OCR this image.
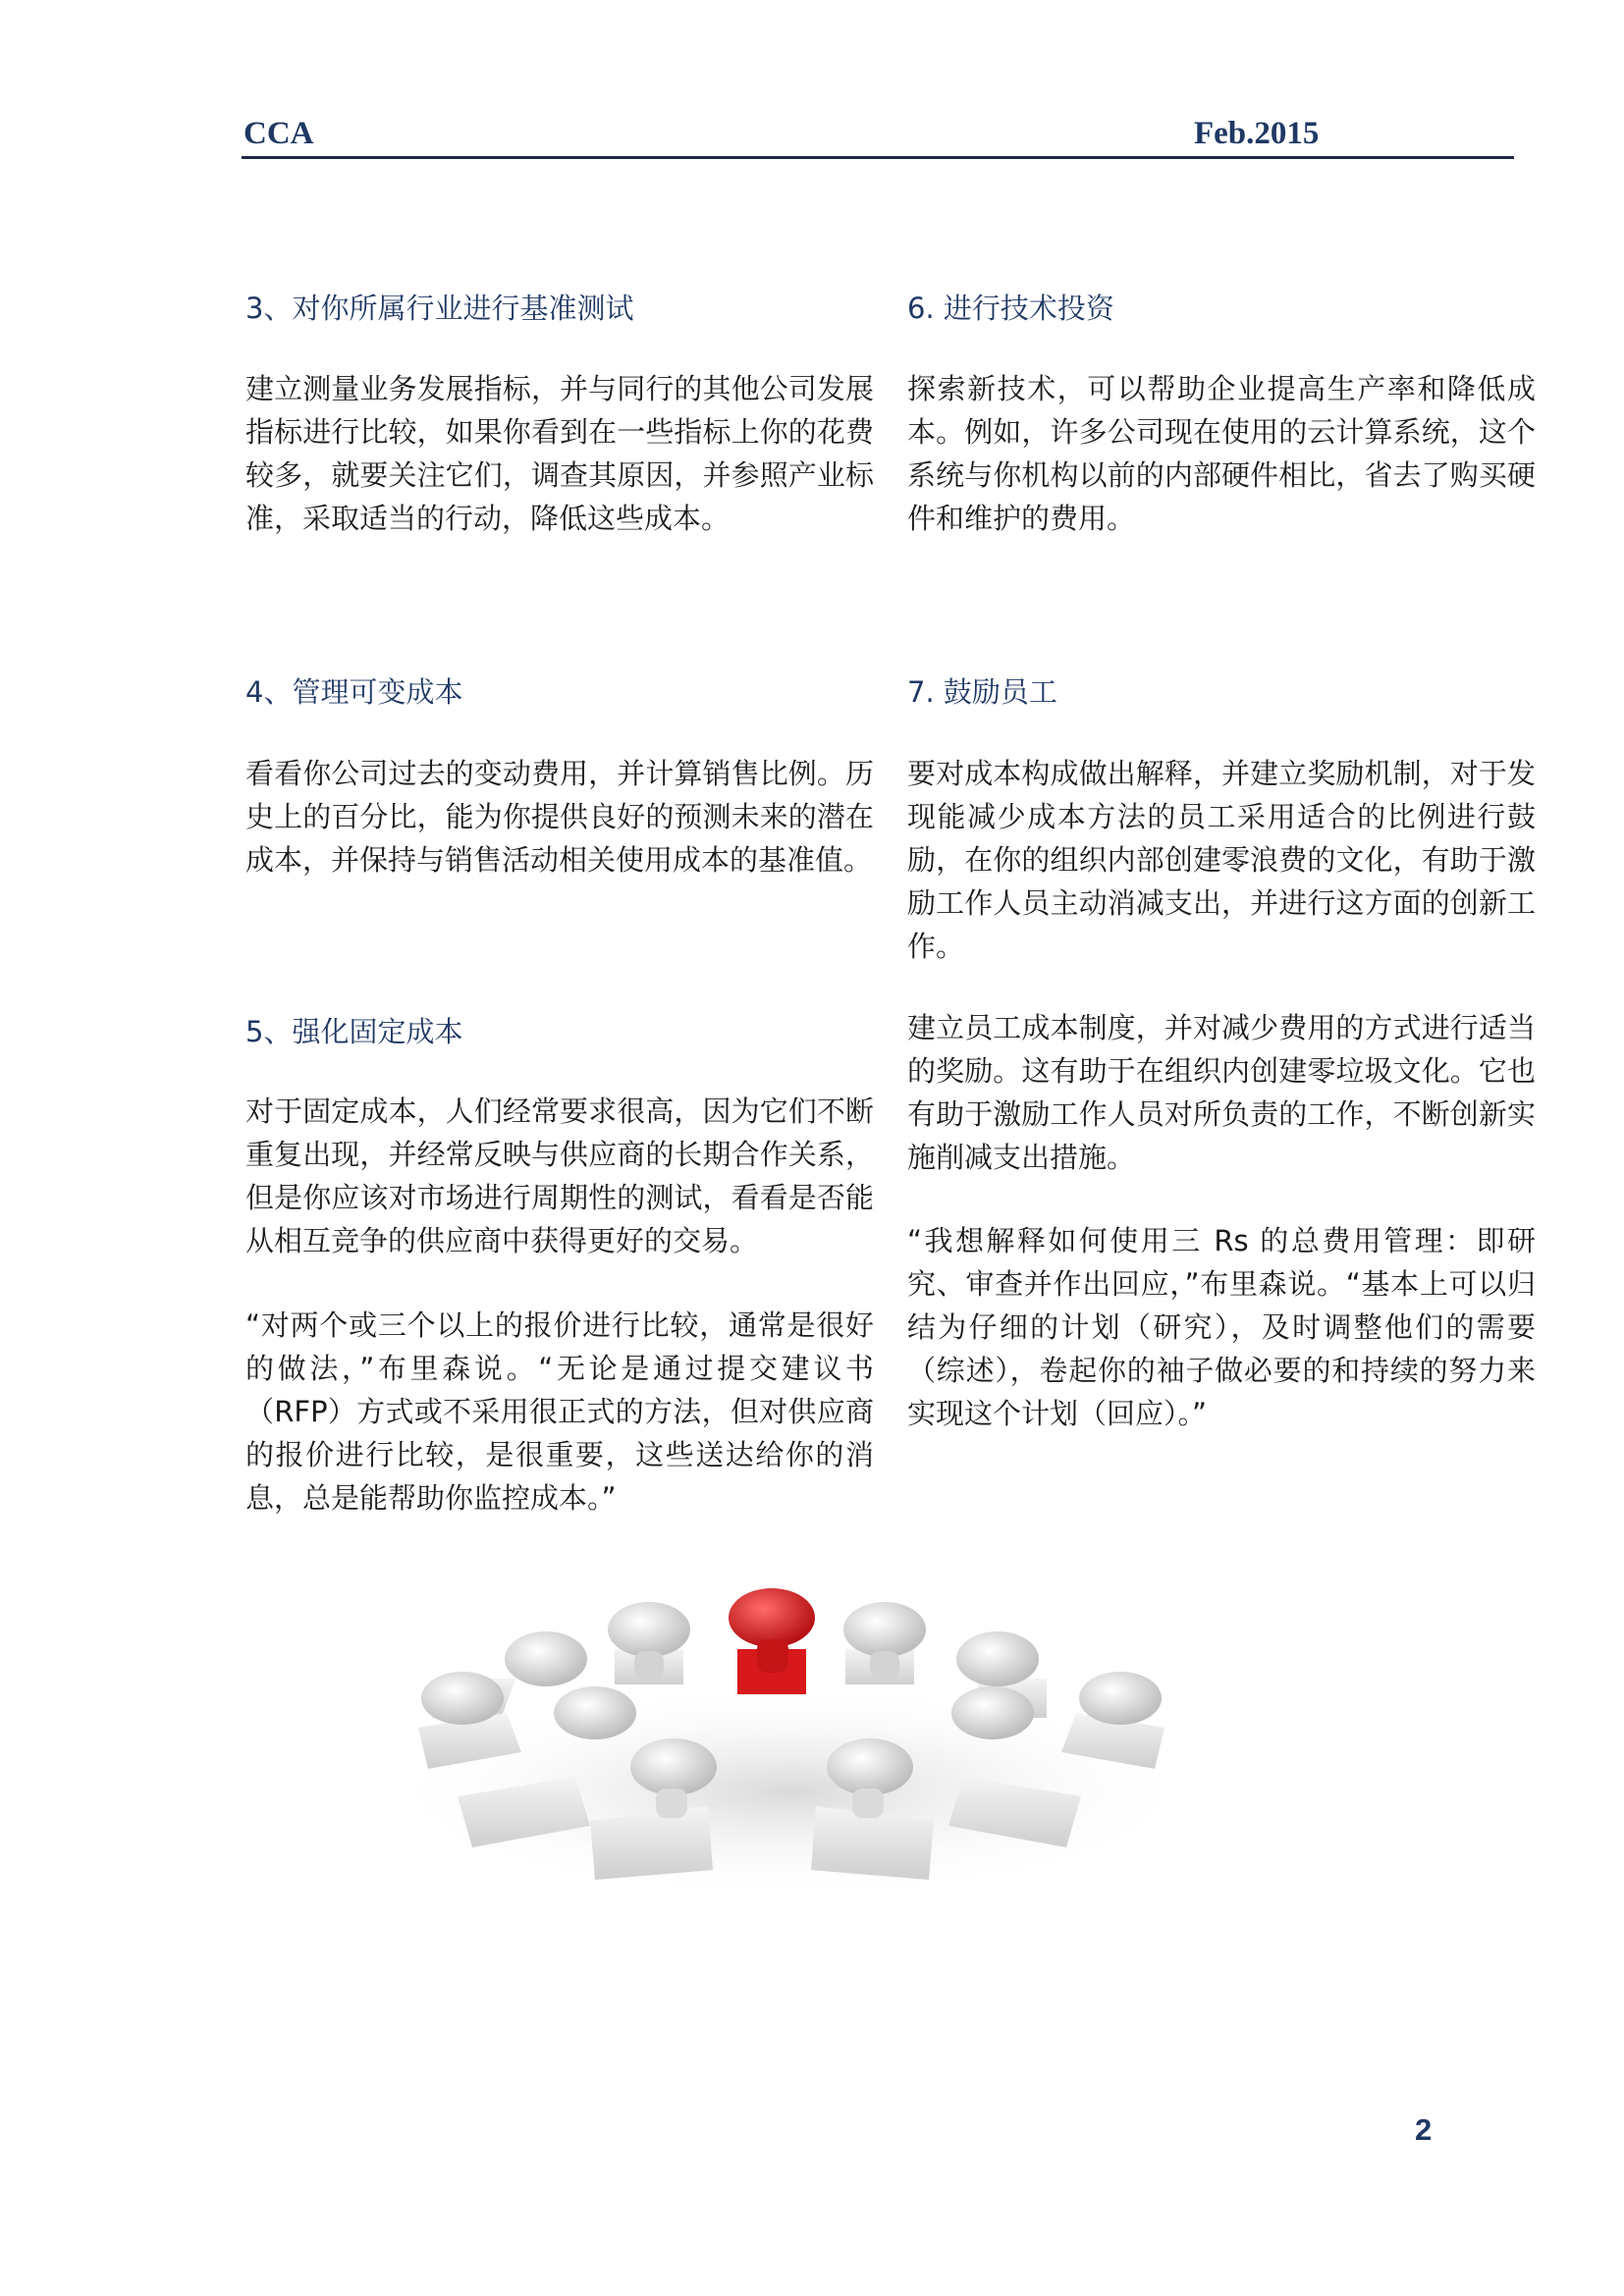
CCA	Feb.2015
3、对你所属行业进行基准测试
建立测量业务发展指标，并与同行的其他公司发展指标进行比较，如果你看到在一些指标上你的花费较多，就要关注它们，调查其原因，并参照产业标准，采取适当的行动，降低这些成本。
4、管理可变成本
看看你公司过去的变动费用，并计算销售比例。历史上的百分比，能为你提供良好的预测未来的潜在成本，并保持与销售活动相关使用成本的基准值。
5、强化固定成本
对于固定成本，人们经常要求很高，因为它们不断重复出现，并经常反映与供应商的长期合作关系，但是你应该对市场进行周期性的测试，看看是否能从相互竞争的供应商中获得更好的交易。
“对两个或三个以上的报价进行比较，通常是很好的做法，”布里森说。“无论是通过提交建议书（RFP）方式或不采用很正式的方法，但对供应商的报价进行比较，是很重要，这些送达给你的消息，总是能帮助你监控成本。”
6. 进行技术投资
探索新技术，可以帮助企业提高生产率和降低成本。例如，许多公司现在使用的云计算系统，这个系统与你机构以前的内部硬件相比，省去了购买硬件和维护的费用。
7. 鼓励员工
要对成本构成做出解释，并建立奖励机制，对于发现能减少成本方法的员工采用适合的比例进行鼓励，在你的组织内部创建零浪费的文化，有助于激励工作人员主动消减支出，并进行这方面的创新工作。
建立员工成本制度，并对减少费用的方式进行适当的奖励。这有助于在组织内创建零垃圾文化。它也有助于激励工作人员对所负责的工作，不断创新实施削减支出措施。
“我想解释如何使用三 Rs 的总费用管理：即研究、审查并作出回应，”布里森说。“基本上可以归结为仔细的计划（研究），及时调整他们的需要（综述），卷起你的袖子做必要的和持续的努力来实现这个计划（回应）。”
2
